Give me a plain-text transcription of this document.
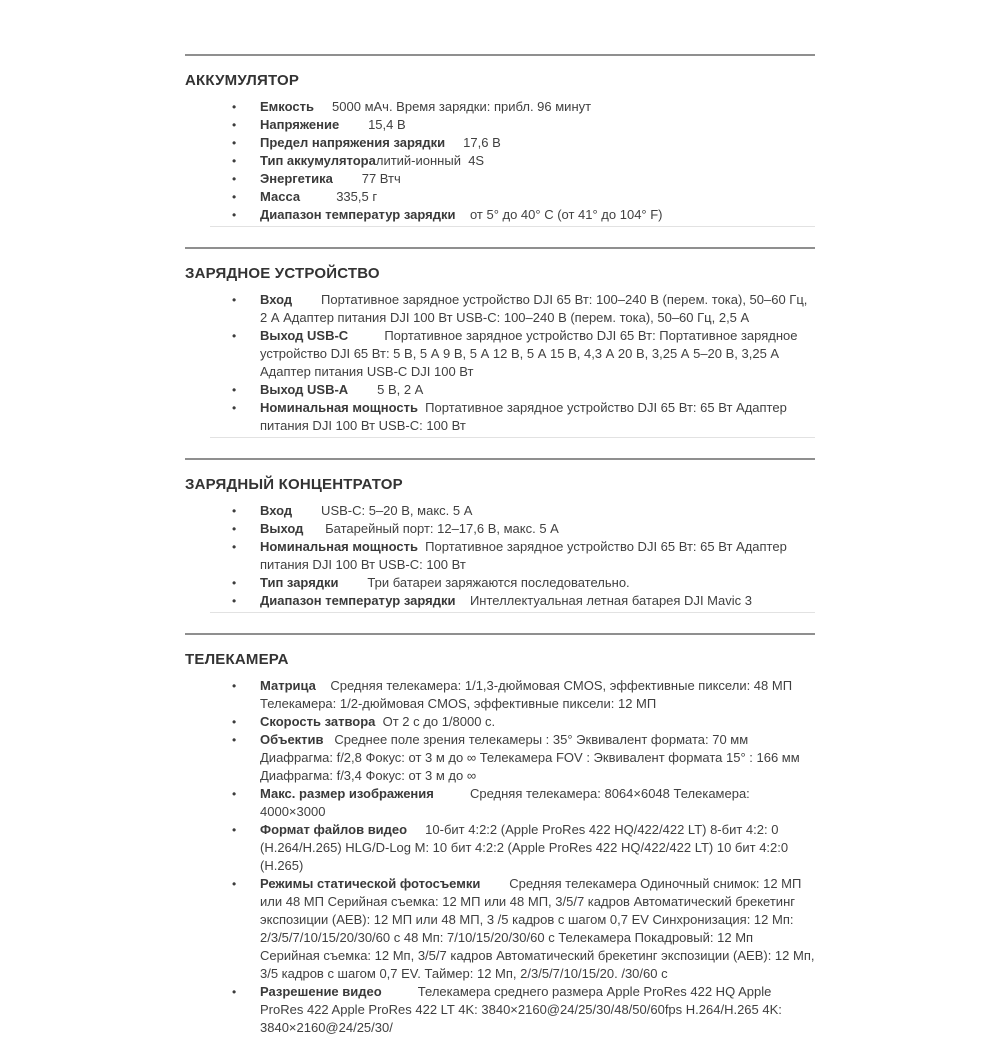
АККУМУЛЯТОР
•	Емкость     5000 мАч. Время зарядки: прибл. 96 минут
•	Напряжение        15,4 В
•	Предел напряжения зарядки     17,6 В
•	Тип аккумуляторалитий-ионный  4S
•	Энергетика        77 Втч
•	Масса          335,5 г
•	Диапазон температур зарядки    от 5° до 40° C (от 41° до 104° F)
ЗАРЯДНОЕ УСТРОЙСТВО
•	Вход        Портативное зарядное устройство DJI 65 Вт: 100–240 В (перем. тока), 50–60 Гц, 2 А Адаптер питания DJI 100 Вт USB-C: 100–240 В (перем. тока), 50–60 Гц, 2,5 А
•	Выход USB-C          Портативное зарядное устройство DJI 65 Вт: Портативное зарядное устройство DJI 65 Вт: 5 В, 5 А 9 В, 5 А 12 В, 5 А 15 В, 4,3 А 20 В, 3,25 А 5–20 В, 3,25 А Адаптер питания USB-C DJI 100 Вт
•	Выход USB-A        5 В, 2 А
•	Номинальная мощность  Портативное зарядное устройство DJI 65 Вт: 65 Вт Адаптер питания DJI 100 Вт USB-C: 100 Вт
ЗАРЯДНЫЙ КОНЦЕНТРАТОР
•	Вход        USB-C: 5–20 В, макс. 5 А
•	Выход      Батарейный порт: 12–17,6 В, макс. 5 А
•	Номинальная мощность  Портативное зарядное устройство DJI 65 Вт: 65 Вт Адаптер питания DJI 100 Вт USB-C: 100 Вт
•	Тип зарядки        Три батареи заряжаются последовательно.
•	Диапазон температур зарядки    Интеллектуальная летная батарея DJI Mavic 3
ТЕЛЕКАМЕРА
•	Матрица    Средняя телекамера: 1/1,3-дюймовая CMOS, эффективные пиксели: 48 МП Телекамера: 1/2-дюймовая CMOS, эффективные пиксели: 12 МП
•	Скорость затвора  От 2 с до 1/8000 с.
•	Объектив   Среднее поле зрения телекамеры : 35° Эквивалент формата: 70 мм Диафрагма: f/2,8 Фокус: от 3 м до ∞ Телекамера FOV : Эквивалент формата 15° : 166 мм Диафрагма: f/3,4 Фокус: от 3 м до ∞
•	Макс. размер изображения          Средняя телекамера: 8064×6048 Телекамера: 4000×3000
•	Формат файлов видео     10-бит 4:2:2 (Apple ProRes 422 HQ/422/422 LT) 8-бит 4:2: 0 (H.264/H.265) HLG/D-Log M: 10 бит 4:2:2 (Apple ProRes 422 HQ/422/422 LT) 10 бит 4:2:0 (H.265)
•	Режимы статической фотосъемки        Средняя телекамера Одиночный снимок: 12 МП или 48 МП Серийная съемка: 12 МП или 48 МП, 3/5/7 кадров Автоматический брекетинг экспозиции (AEB): 12 МП или 48 МП, 3 /5 кадров с шагом 0,7 EV Синхронизация: 12 Мп: 2/3/5/7/10/15/20/30/60 с 48 Мп: 7/10/15/20/30/60 с Телекамера Покадровый: 12 Мп Серийная съемка: 12 Мп, 3/5/7 кадров Автоматический брекетинг экспозиции (AEB): 12 Мп, 3/5 кадров с шагом 0,7 EV. Таймер: 12 Мп, 2/3/5/7/10/15/20. /30/60 с
•	Разрешение видео          Телекамера среднего размера Apple ProRes 422 HQ Apple ProRes 422 Apple ProRes 422 LT 4K: 3840×2160@24/25/30/48/50/60fps H.264/H.265 4K: 3840×2160@24/25/30/
